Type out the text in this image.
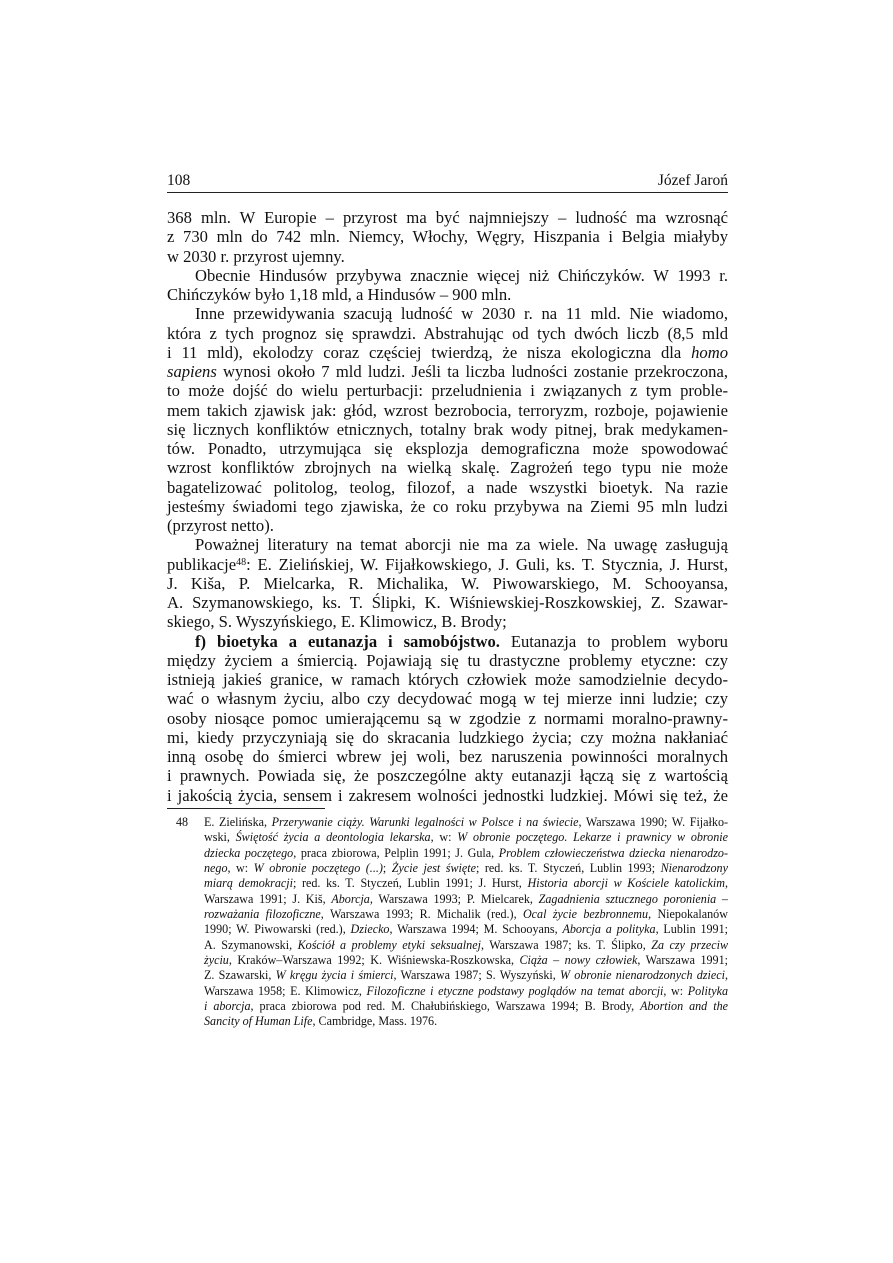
108	Józef Jaroń
368 mln. W Europie – przyrost ma być najmniejszy – ludność ma wzrosnąć
z 730 mln do 742 mln. Niemcy, Włochy, Węgry, Hiszpania i Belgia miałyby
w 2030 r. przyrost ujemny.
Obecnie Hindusów przybywa znacznie więcej niż Chińczyków. W 1993 r.
Chińczyków było 1,18 mld, a Hindusów – 900 mln.
Inne przewidywania szacują ludność w 2030 r. na 11 mld. Nie wiadomo,
która z tych prognoz się sprawdzi. Abstrahując od tych dwóch liczb (8,5 mld
i 11 mld), ekolodzy coraz częściej twierdzą, że nisza ekologiczna dla homo
sapiens wynosi około 7 mld ludzi. Jeśli ta liczba ludności zostanie przekroczona,
to może dojść do wielu perturbacji: przeludnienia i związanych z tym proble-
mem takich zjawisk jak: głód, wzrost bezrobocia, terroryzm, rozboje, pojawienie
się licznych konfliktów etnicznych, totalny brak wody pitnej, brak medykamen-
tów. Ponadto, utrzymująca się eksplozja demograficzna może spowodować
wzrost konfliktów zbrojnych na wielką skalę. Zagrożeń tego typu nie może
bagatelizować politolog, teolog, filozof, a nade wszystki bioetyk. Na razie
jesteśmy świadomi tego zjawiska, że co roku przybywa na Ziemi 95 mln ludzi
(przyrost netto).
Poważnej literatury na temat aborcji nie ma za wiele. Na uwagę zasługują
publikacje$^{48}$: E. Zielińskiej, W. Fijałkowskiego, J. Guli, ks. T. Stycznia, J. Hurst,
J. Kiša, P. Mielcarka, R. Michalika, W. Piwowarskiego, M. Schooyansa,
A. Szymanowskiego, ks. T. Ślipki, K. Wiśniewskiej-Roszkowskiej, Z. Szawar-
skiego, S. Wyszyńskiego, E. Klimowicz, B. Brody;
f) bioetyka a eutanazja i samobójstwo. Eutanazja to problem wyboru
między życiem a śmiercią. Pojawiają się tu drastyczne problemy etyczne: czy
istnieją jakieś granice, w ramach których człowiek może samodzielnie decydo-
wać o własnym życiu, albo czy decydować mogą w tej mierze inni ludzie; czy
osoby niosące pomoc umierającemu są w zgodzie z normami moralno-prawny-
mi, kiedy przyczyniają się do skracania ludzkiego życia; czy można nakłaniać
inną osobę do śmierci wbrew jej woli, bez naruszenia powinności moralnych
i prawnych. Powiada się, że poszczególne akty eutanazji łączą się z wartością
i jakością życia, sensem i zakresem wolności jednostki ludzkiej. Mówi się też, że
48 E. Zielińska, Przerywanie ciąży. Warunki legalności w Polsce i na świecie, Warszawa 1990; W. Fijałko-
wski, Świętość życia a deontologia lekarska, w: W obronie poczętego. Lekarze i prawnicy w obronie
dziecka poczętego, praca zbiorowa, Pelplin 1991; J. Gula, Problem człowieczeństwa dziecka nienarodzo-
nego, w: W obronie poczętego (...); Życie jest święte; red. ks. T. Styczeń, Lublin 1993; Nienarodzony
miarą demokracji; red. ks. T. Styczeń, Lublin 1991; J. Hurst, Historia aborcji w Kościele katolickim,
Warszawa 1991; J. Kiš, Aborcja, Warszawa 1993; P. Mielcarek, Zagadnienia sztucznego poronienia –
rozważania filozoficzne, Warszawa 1993; R. Michalik (red.), Ocal życie bezbronnemu, Niepokalanów
1990; W. Piwowarski (red.), Dziecko, Warszawa 1994; M. Schooyans, Aborcja a polityka, Lublin 1991;
A. Szymanowski, Kościół a problemy etyki seksualnej, Warszawa 1987; ks. T. Ślipko, Za czy przeciw
życiu, Kraków–Warszawa 1992; K. Wiśniewska-Roszkowska, Ciąża – nowy człowiek, Warszawa 1991;
Z. Szawarski, W kręgu życia i śmierci, Warszawa 1987; S. Wyszyński, W obronie nienarodzonych dzieci,
Warszawa 1958; E. Klimowicz, Filozoficzne i etyczne podstawy poglądów na temat aborcji, w: Polityka
i aborcja, praca zbiorowa pod red. M. Chałubińskiego, Warszawa 1994; B. Brody, Abortion and the
Sancity of Human Life, Cambridge, Mass. 1976.
